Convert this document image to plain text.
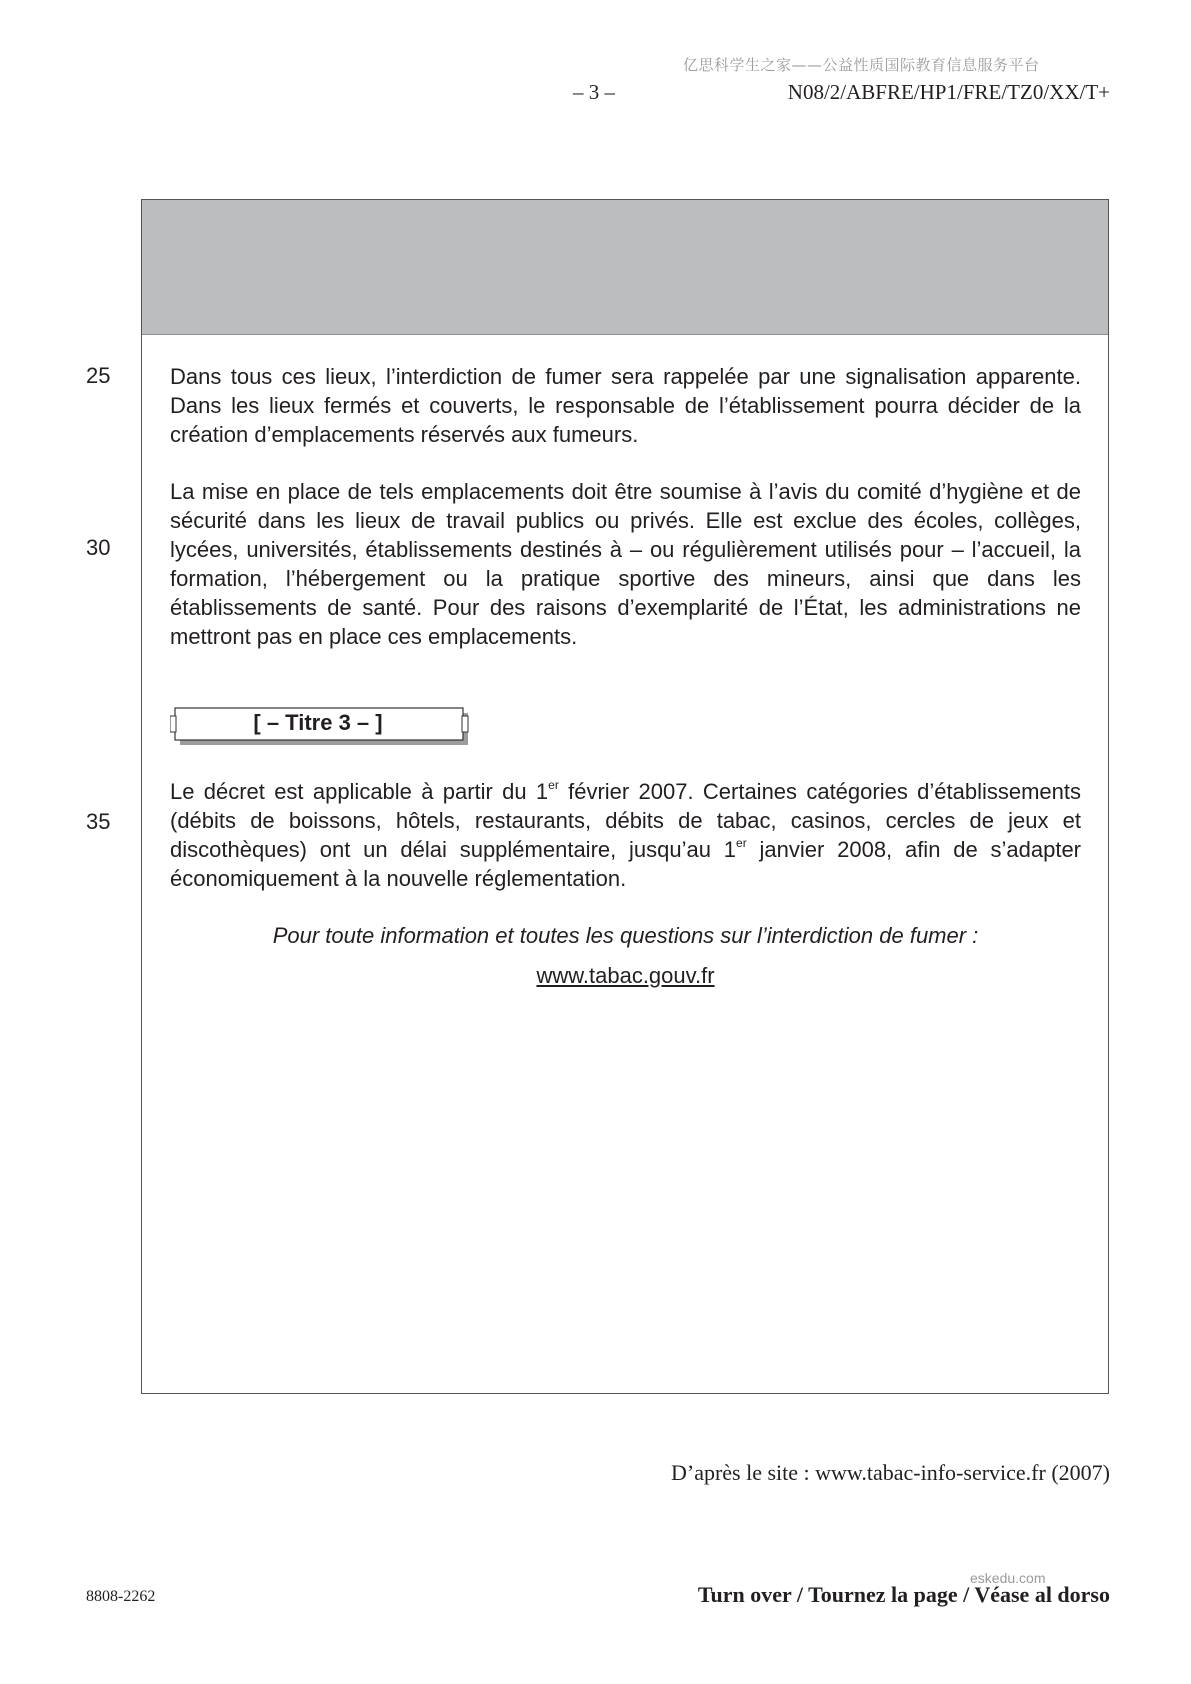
亿思科学生之家——公益性质国际教育信息服务平台
– 3 –	N08/2/ABFRE/HP1/FRE/TZ0/XX/T+
25
30
35

Dans tous ces lieux, l’interdiction de fumer sera rappelée par une signalisation apparente. Dans les lieux fermés et couverts, le responsable de l’établissement pourra décider de la création d’emplacements réservés aux fumeurs.

La mise en place de tels emplacements doit être soumise à l’avis du comité d’hygiène et de sécurité dans les lieux de travail publics ou privés. Elle est exclue des écoles, collèges, lycées, universités, établissements destinés à – ou régulièrement utilisés pour – l’accueil, la formation, l’hébergement ou la pratique sportive des mineurs, ainsi que dans les établissements de santé. Pour des raisons d’exemplarité de l’État, les administrations ne mettront pas en place ces emplacements.

[ – Titre 3 – ]

Le décret est applicable à partir du 1er février 2007. Certaines catégories d’établissements (débits de boissons, hôtels, restaurants, débits de tabac, casinos, cercles de jeux et discothèques) ont un délai supplémentaire, jusqu’au 1er janvier 2008, afin de s’adapter économiquement à la nouvelle réglementation.

Pour toute information et toutes les questions sur l’interdiction de fumer :
www.tabac.gouv.fr
D’après le site : www.tabac-info-service.fr (2007)
8808-2262
eskedu.com
Turn over / Tournez la page / Véase al dorso
